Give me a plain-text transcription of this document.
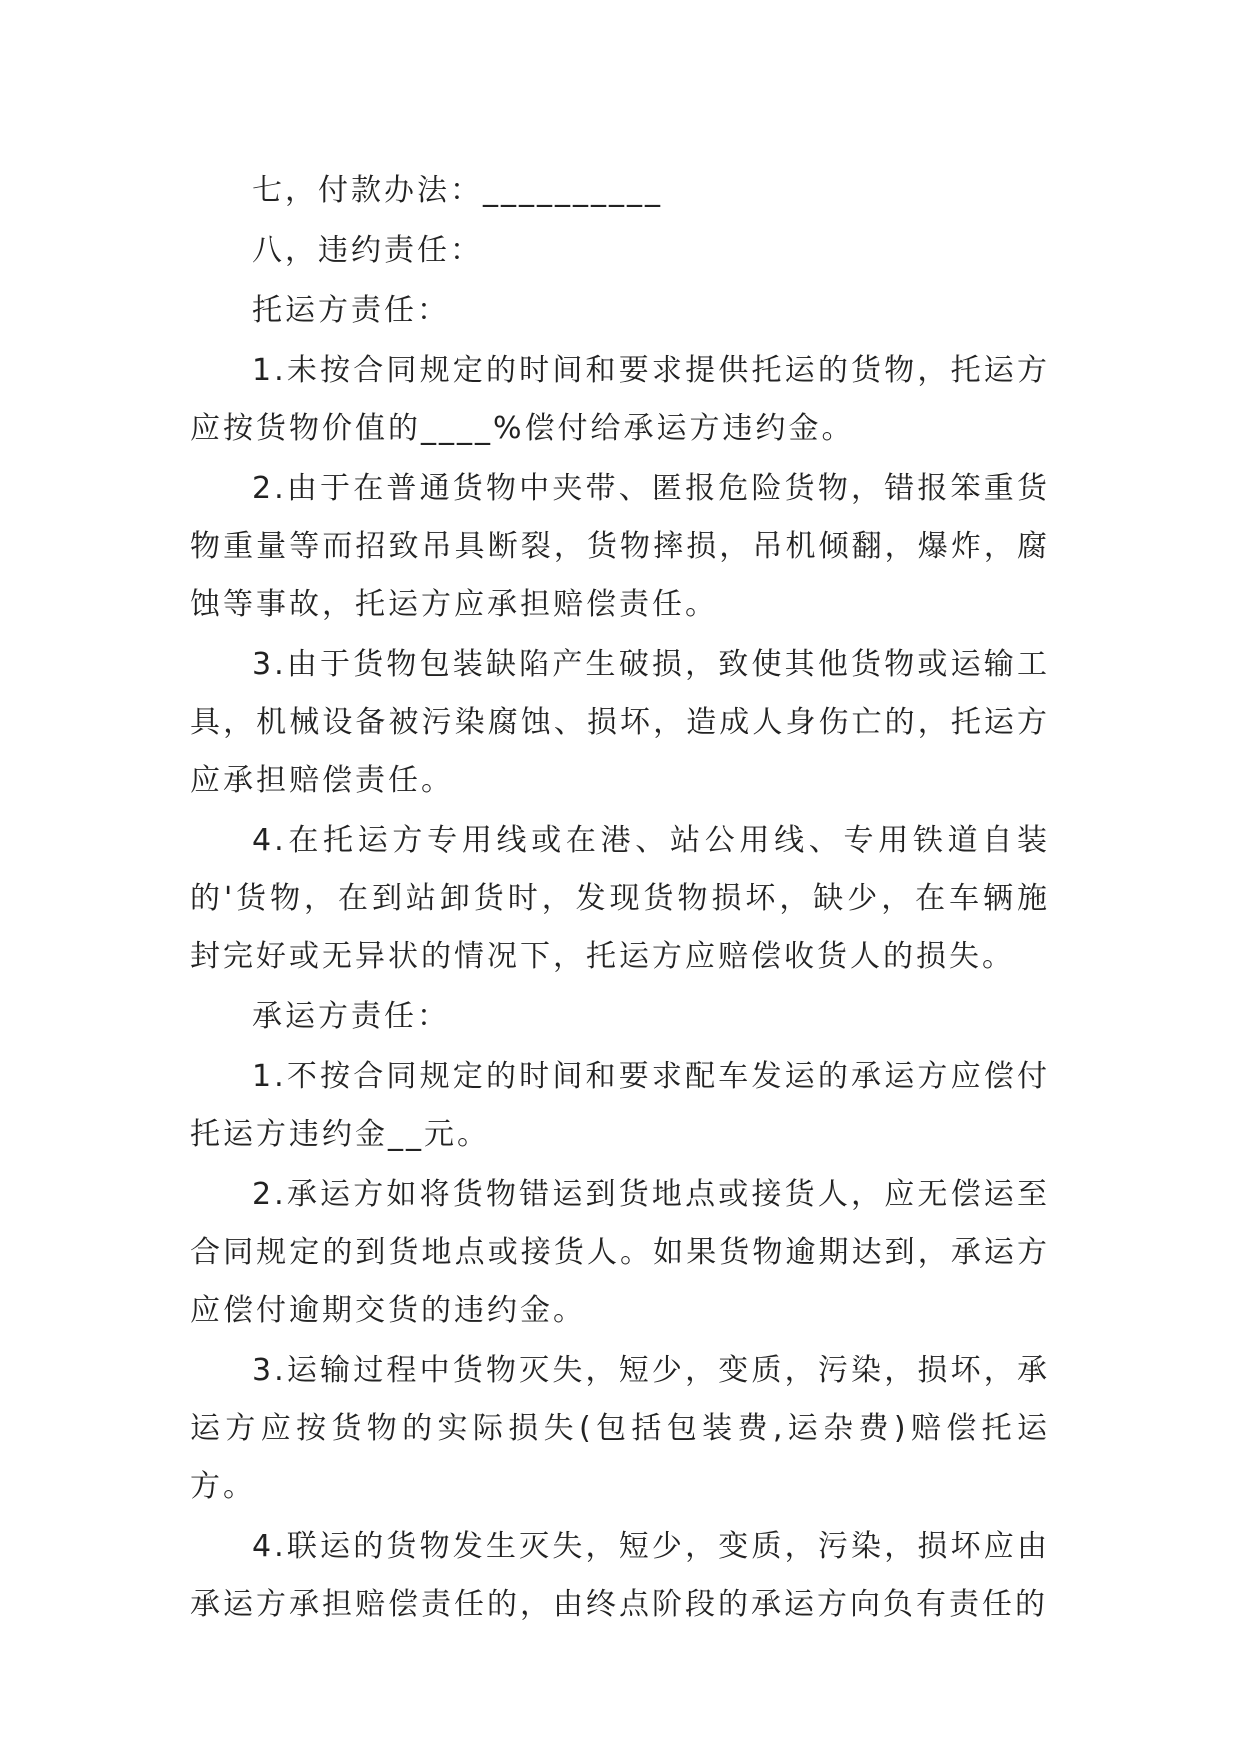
七，付款办法：__________

八，违约责任：

托运方责任：

1.未按合同规定的时间和要求提供托运的货物，托运方应按货物价值的____%偿付给承运方违约金。

2.由于在普通货物中夹带、匿报危险货物，错报笨重货物重量等而招致吊具断裂，货物摔损，吊机倾翻，爆炸，腐蚀等事故，托运方应承担赔偿责任。

3.由于货物包装缺陷产生破损，致使其他货物或运输工具，机械设备被污染腐蚀、损坏，造成人身伤亡的，托运方应承担赔偿责任。

4.在托运方专用线或在港、站公用线、专用铁道自装的'货物，在到站卸货时，发现货物损坏，缺少，在车辆施封完好或无异状的情况下，托运方应赔偿收货人的损失。

承运方责任：

1.不按合同规定的时间和要求配车发运的承运方应偿付托运方违约金__元。

2.承运方如将货物错运到货地点或接货人，应无偿运至合同规定的到货地点或接货人。如果货物逾期达到，承运方应偿付逾期交货的违约金。

3.运输过程中货物灭失，短少，变质，污染，损坏，承运方应按货物的实际损失(包括包装费,运杂费)赔偿托运方。

4.联运的货物发生灭失，短少，变质，污染，损坏应由承运方承担赔偿责任的，由终点阶段的承运方向负有责任的
